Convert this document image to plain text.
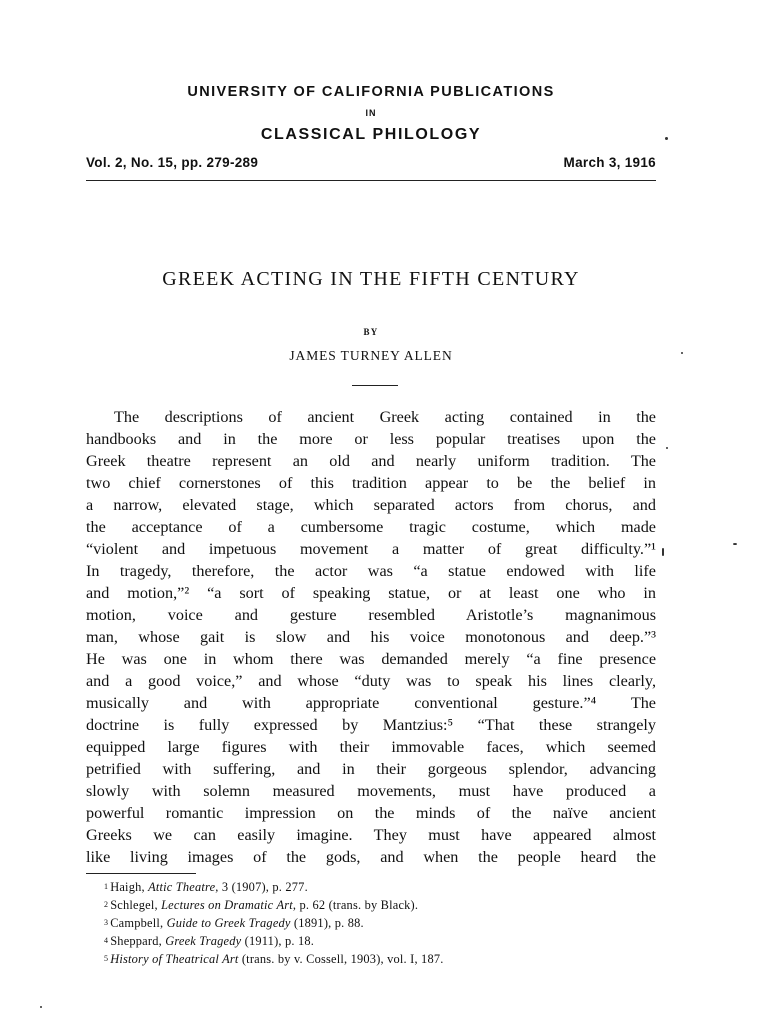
UNIVERSITY OF CALIFORNIA PUBLICATIONS
IN
CLASSICAL PHILOLOGY
Vol. 2, No. 15, pp. 279-289	March 3, 1916
GREEK ACTING IN THE FIFTH CENTURY
BY
JAMES TURNEY ALLEN
The descriptions of ancient Greek acting contained in the
handbooks and in the more or less popular treatises upon the
Greek theatre represent an old and nearly uniform tradition. The
two chief cornerstones of this tradition appear to be the belief in
a narrow, elevated stage, which separated actors from chorus, and
the acceptance of a cumbersome tragic costume, which made
“violent and impetuous movement a matter of great difficulty.”¹
In tragedy, therefore, the actor was “a statue endowed with life
and motion,”² “a sort of speaking statue, or at least one who in
motion, voice and gesture resembled Aristotle’s magnanimous
man, whose gait is slow and his voice monotonous and deep.”³
He was one in whom there was demanded merely “a fine presence
and a good voice,” and whose “duty was to speak his lines clearly,
musically and with appropriate conventional gesture.”⁴ The
doctrine is fully expressed by Mantzius:⁵ “That these strangely
equipped large figures with their immovable faces, which seemed
petrified with suffering, and in their gorgeous splendor, advancing
slowly with solemn measured movements, must have produced a
powerful romantic impression on the minds of the naïve ancient
Greeks we can easily imagine. They must have appeared almost
like living images of the gods, and when the people heard the
1 Haigh, Attic Theatre, 3 (1907), p. 277.
2 Schlegel, Lectures on Dramatic Art, p. 62 (trans. by Black).
3 Campbell, Guide to Greek Tragedy (1891), p. 88.
4 Sheppard, Greek Tragedy (1911), p. 18.
5 History of Theatrical Art (trans. by v. Cossell, 1903), vol. I, 187.
